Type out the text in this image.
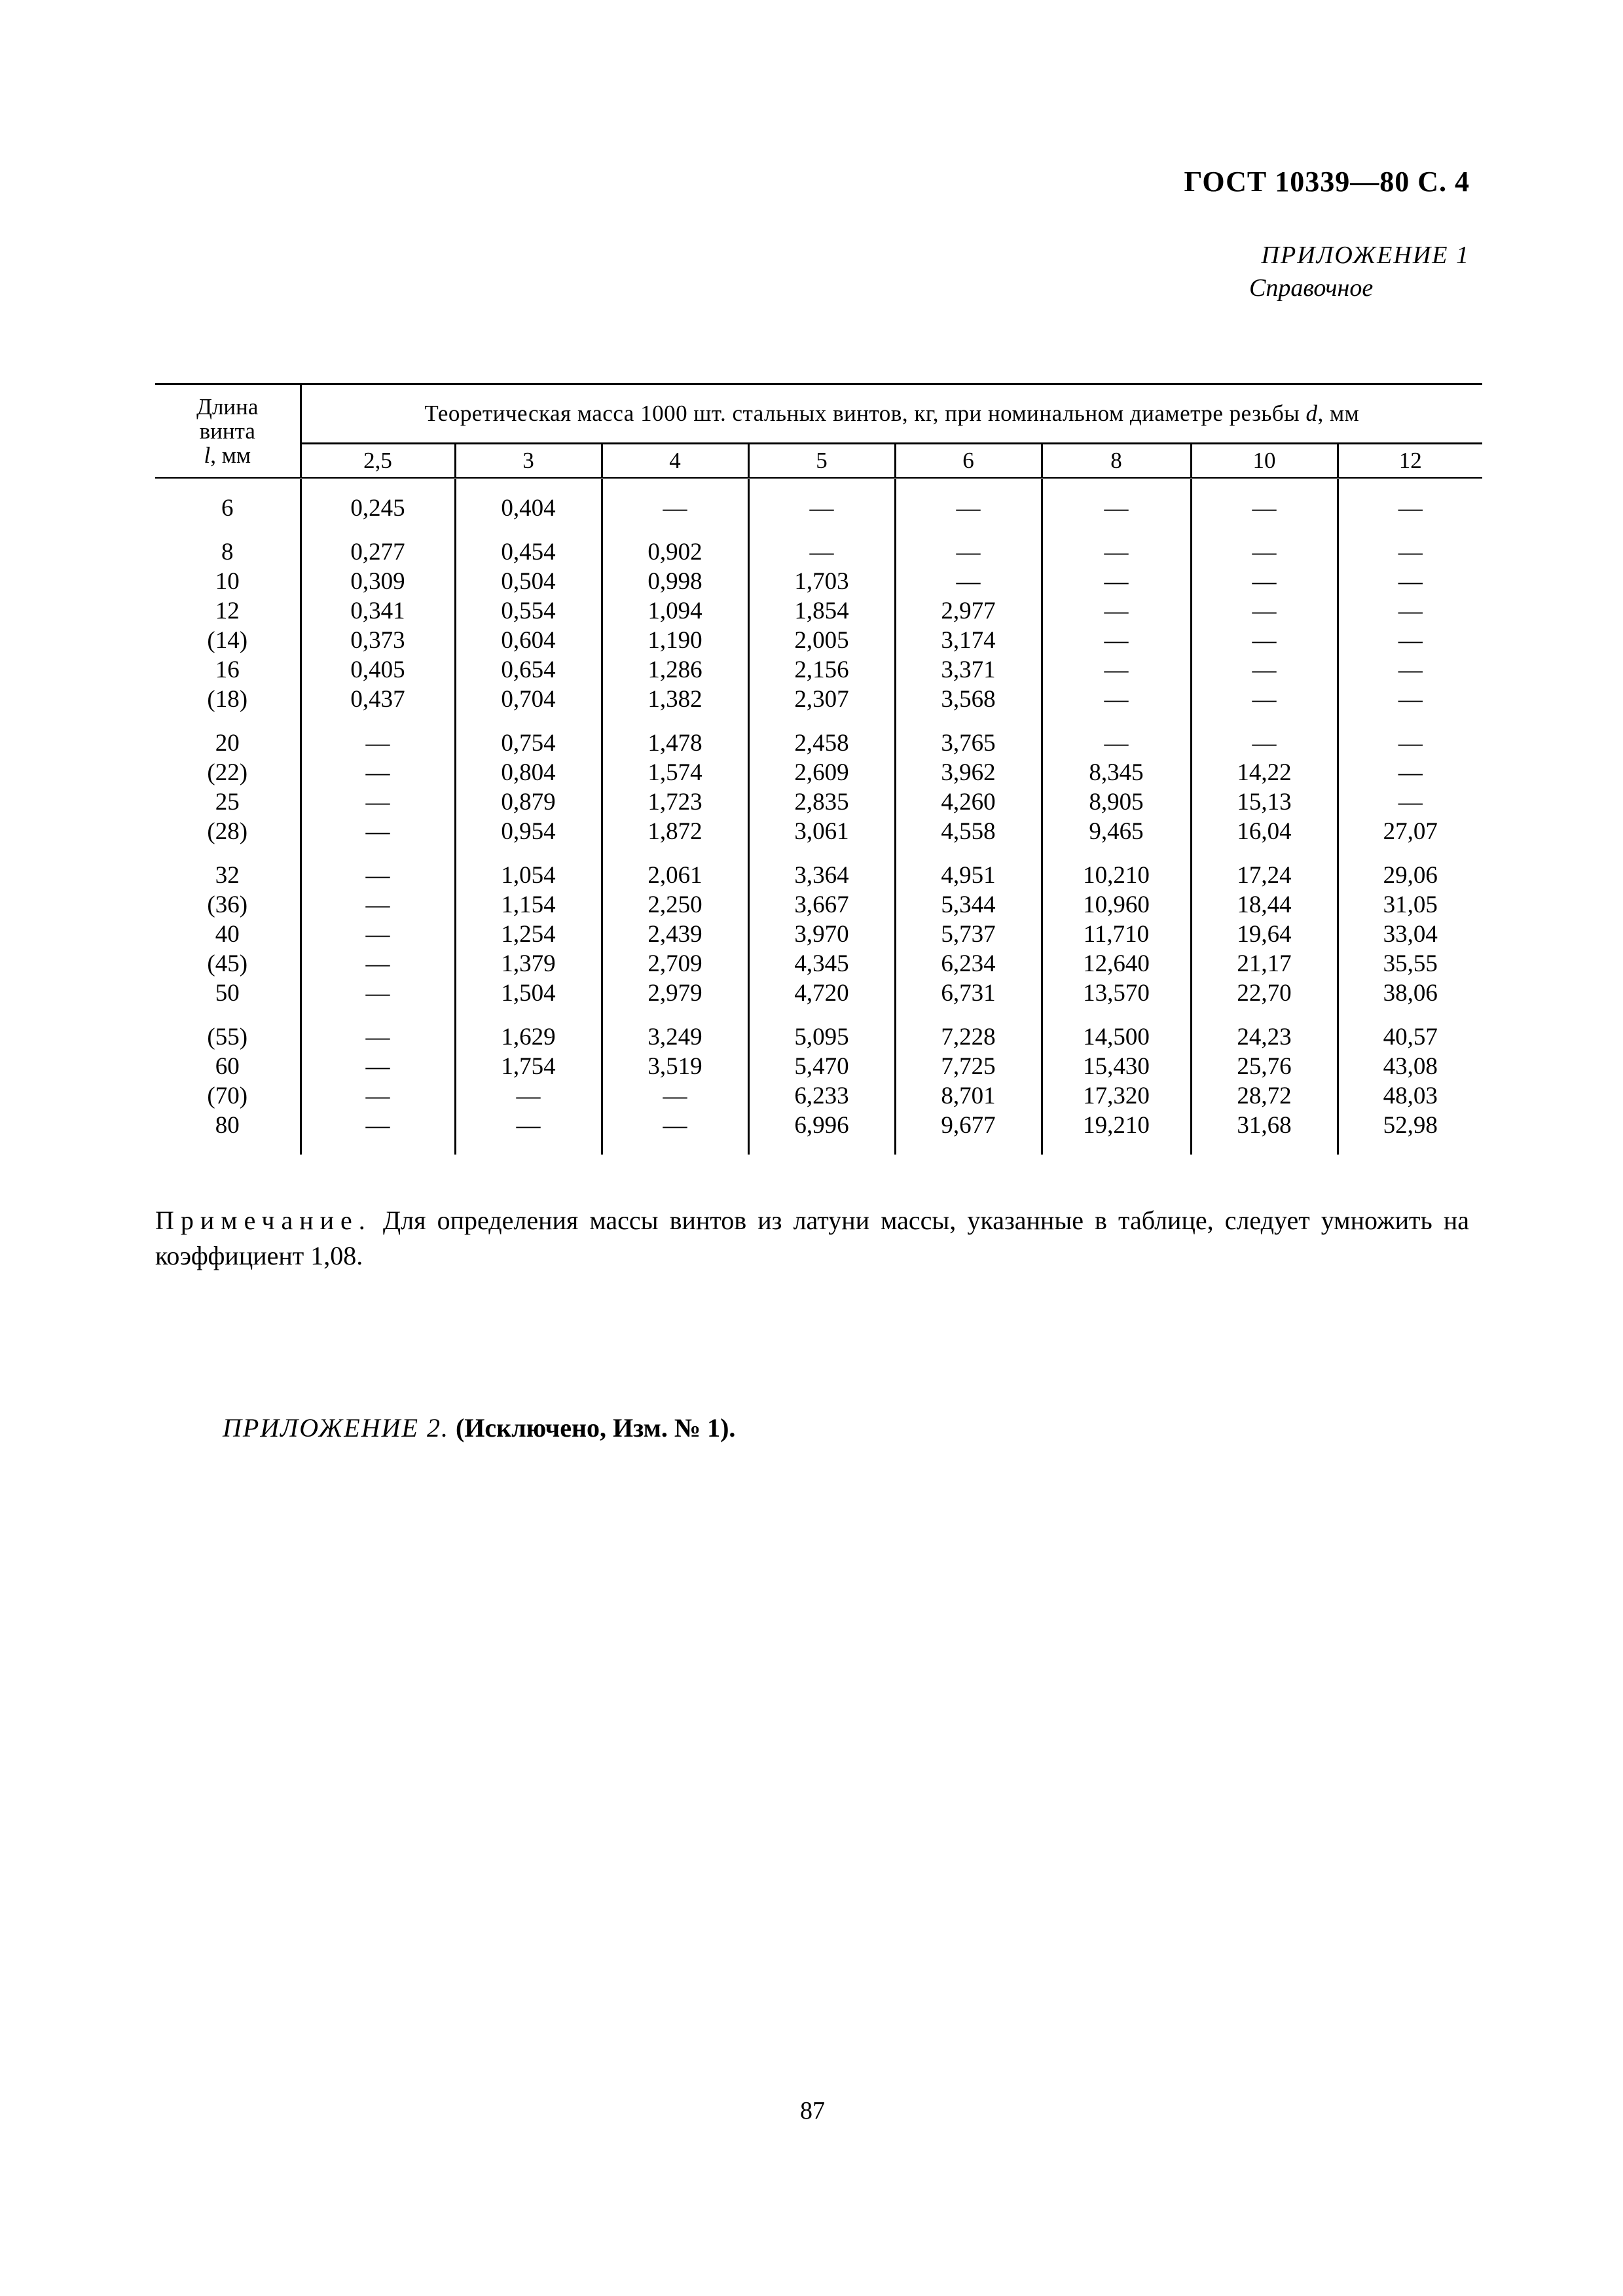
ГОСТ 10339—80 С. 4
ПРИЛОЖЕНИЕ 1
Справочное
Длина
винта
l, мм	Теоретическая масса 1000 шт. стальных винтов, кг, при номинальном диаметре резьбы d, мм							
	2,5	3	4	5	6	8	10	12

6	0,245	0,404	—	—	—	—	—	—

8	0,277	0,454	0,902	—	—	—	—	—
10	0,309	0,504	0,998	1,703	—	—	—	—
12	0,341	0,554	1,094	1,854	2,977	—	—	—
(14)	0,373	0,604	1,190	2,005	3,174	—	—	—
16	0,405	0,654	1,286	2,156	3,371	—	—	—
(18)	0,437	0,704	1,382	2,307	3,568	—	—	—

20	—	0,754	1,478	2,458	3,765	—	—	—
(22)	—	0,804	1,574	2,609	3,962	8,345	14,22	—
25	—	0,879	1,723	2,835	4,260	8,905	15,13	—
(28)	—	0,954	1,872	3,061	4,558	9,465	16,04	27,07

32	—	1,054	2,061	3,364	4,951	10,210	17,24	29,06
(36)	—	1,154	2,250	3,667	5,344	10,960	18,44	31,05
40	—	1,254	2,439	3,970	5,737	11,710	19,64	33,04
(45)	—	1,379	2,709	4,345	6,234	12,640	21,17	35,55
50	—	1,504	2,979	4,720	6,731	13,570	22,70	38,06

(55)	—	1,629	3,249	5,095	7,228	14,500	24,23	40,57
60	—	1,754	3,519	5,470	7,725	15,430	25,76	43,08
(70)	—	—	—	6,233	8,701	17,320	28,72	48,03
80	—	—	—	6,996	9,677	19,210	31,68	52,98

Примечание. Для определения массы винтов из латуни массы, указанные в таблице, следует умножить на коэффициент 1,08.
ПРИЛОЖЕНИЕ 2. (Исключено, Изм. № 1).
87
